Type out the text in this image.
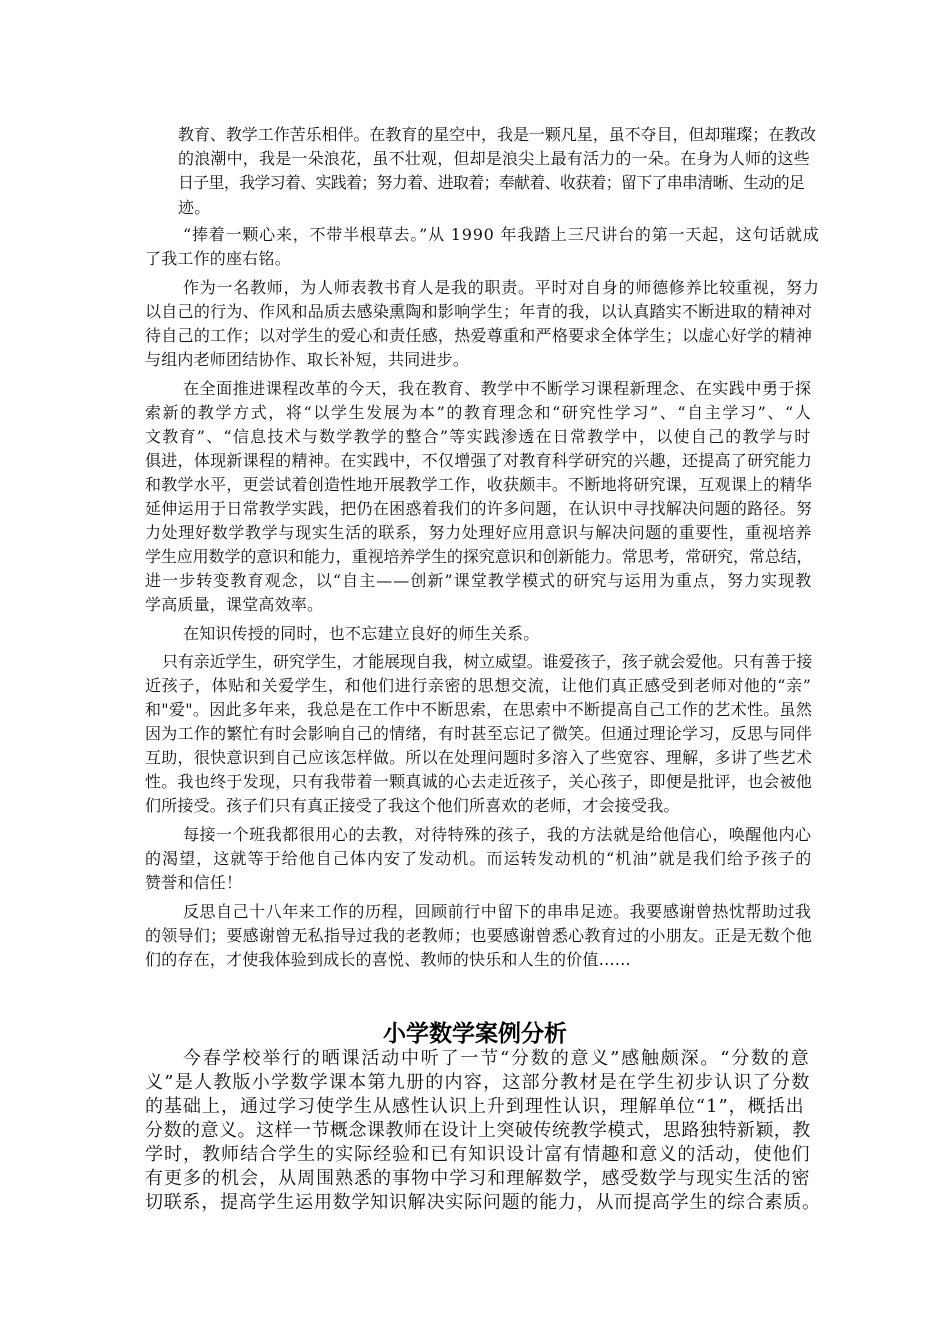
教育、教学工作苦乐相伴。在教育的星空中，我是一颗凡星，虽不夺目，但却璀璨；在教改
的浪潮中，我是一朵浪花，虽不壮观，但却是浪尖上最有活力的一朵。在身为人师的这些
日子里，我学习着、实践着；努力着、进取着；奉献着、收获着；留下了串串清晰、生动的足
迹。
“捧着一颗心来，不带半根草去。”从 1990 年我踏上三尺讲台的第一天起，这句话就成
了我工作的座右铭。
作为一名教师，为人师表教书育人是我的职责。平时对自身的师德修养比较重视，努力
以自己的行为、作风和品质去感染熏陶和影响学生；年青的我，以认真踏实不断进取的精神对
待自己的工作；以对学生的爱心和责任感，热爱尊重和严格要求全体学生；以虚心好学的精神
与组内老师团结协作、取长补短，共同进步。
在全面推进课程改革的今天，我在教育、教学中不断学习课程新理念、在实践中勇于探
索新的教学方式，将“以学生发展为本”的教育理念和“研究性学习”、“自主学习”、“人
文教育”、“信息技术与数学教学的整合”等实践渗透在日常教学中，以使自己的教学与时
俱进，体现新课程的精神。在实践中，不仅增强了对教育科学研究的兴趣，还提高了研究能力
和教学水平，更尝试着创造性地开展教学工作，收获颇丰。不断地将研究课，互观课上的精华
延伸运用于日常教学实践，把仍在困惑着我们的许多问题，在认识中寻找解决问题的路径。努
力处理好数学教学与现实生活的联系，努力处理好应用意识与解决问题的重要性，重视培养
学生应用数学的意识和能力，重视培养学生的探究意识和创新能力。常思考，常研究，常总结，
进一步转变教育观念，以“自主——创新”课堂教学模式的研究与运用为重点，努力实现教
学高质量，课堂高效率。
在知识传授的同时，也不忘建立良好的师生关系。
只有亲近学生，研究学生，才能展现自我，树立威望。谁爱孩子，孩子就会爱他。只有善于接
近孩子，体贴和关爱学生，和他们进行亲密的思想交流，让他们真正感受到老师对他的“亲”
和"爱"。因此多年来，我总是在工作中不断思索，在思索中不断提高自己工作的艺术性。虽然
因为工作的繁忙有时会影响自己的情绪，有时甚至忘记了微笑。但通过理论学习，反思与同伴
互助，很快意识到自己应该怎样做。所以在处理问题时多溶入了些宽容、理解，多讲了些艺术
性。我也终于发现，只有我带着一颗真诚的心去走近孩子，关心孩子，即便是批评，也会被他
们所接受。孩子们只有真正接受了我这个他们所喜欢的老师，才会接受我。
每接一个班我都很用心的去教，对待特殊的孩子，我的方法就是给他信心，唤醒他内心
的渴望，这就等于给他自己体内安了发动机。而运转发动机的“机油”就是我们给予孩子的
赞誉和信任！
反思自己十八年来工作的历程，回顾前行中留下的串串足迹。我要感谢曾热忱帮助过我
的领导们；要感谢曾无私指导过我的老教师；也要感谢曾悉心教育过的小朋友。正是无数个他
们的存在，才使我体验到成长的喜悦、教师的快乐和人生的价值……
小学数学案例分析
今春学校举行的晒课活动中听了一节“分数的意义”感触颇深。“分数的意
义”是人教版小学数学课本第九册的内容，这部分教材是在学生初步认识了分数
的基础上，通过学习使学生从感性认识上升到理性认识，理解单位“1”，概括出
分数的意义。这样一节概念课教师在设计上突破传统教学模式，思路独特新颖，教
学时，教师结合学生的实际经验和已有知识设计富有情趣和意义的活动，使他们
有更多的机会，从周围熟悉的事物中学习和理解数学，感受数学与现实生活的密
切联系，提高学生运用数学知识解决实际问题的能力，从而提高学生的综合素质。
